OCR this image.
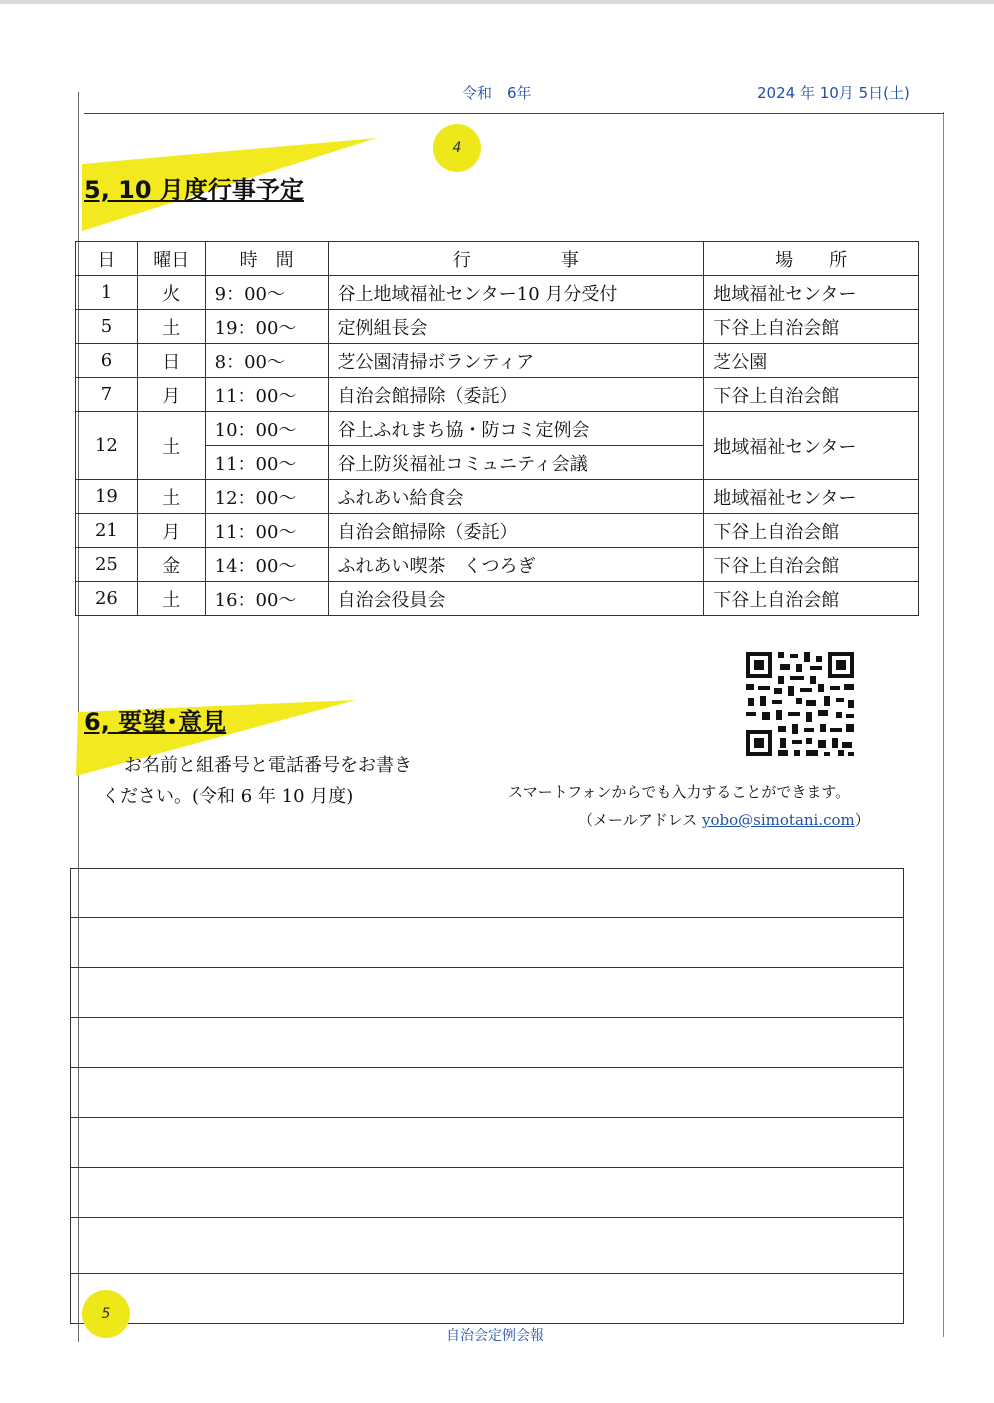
令和　6年	2024 年 10月 5日(土)
4
5, 10 月度行事予定
日	曜日	時　間	行　　　　　事	場　　所
1	火	9：00～	谷上地域福祉センター10 月分受付	地域福祉センター
5	土	19：00～	定例組長会	下谷上自治会館
6	日	8：00～	芝公園清掃ボランティア	芝公園
7	月	11：00～	自治会館掃除（委託）	下谷上自治会館
12	土	10：00～	谷上ふれまち協・防コミ定例会	地域福祉センター
		11：00～	谷上防災福祉コミュニティ会議	
19	土	12：00～	ふれあい給食会	地域福祉センター
21	月	11：00～	自治会館掃除（委託）	下谷上自治会館
25	金	14：00～	ふれあい喫茶　くつろぎ	下谷上自治会館
26	土	16：00～	自治会役員会	下谷上自治会館
6, 要望･意見
お名前と組番号と電話番号をお書き
ください。(令和 6 年 10 月度)	スマートフォンからでも入力することができます。
（メールアドレス yobo@simotani.com）
5
自治会定例会報
